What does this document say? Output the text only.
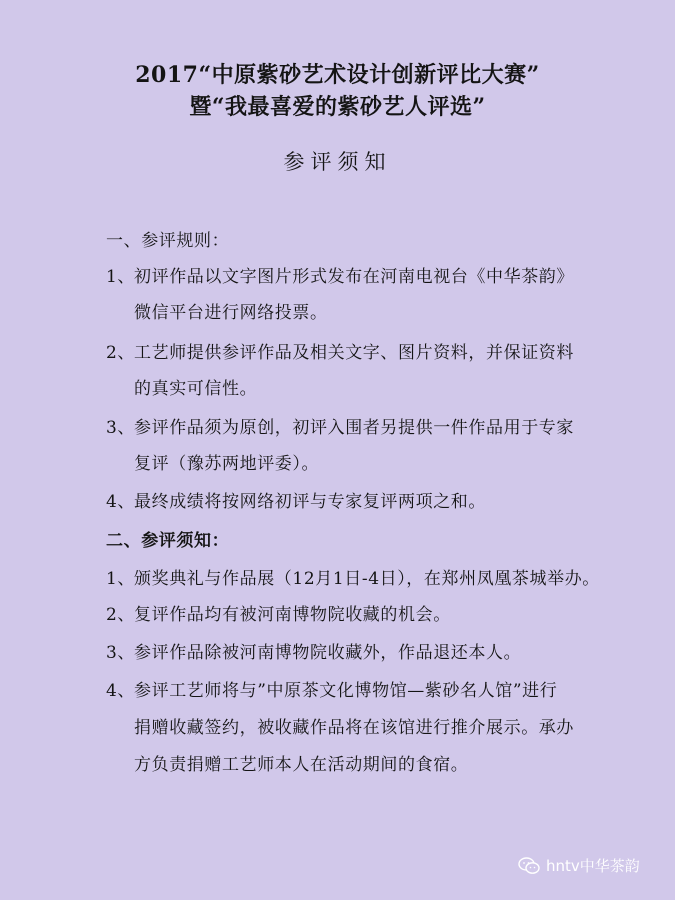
2017“中原紫砂艺术设计创新评比大赛”
暨“我最喜爱的紫砂艺人评选”
参评须知
一、参评规则：
1、初评作品以文字图片形式发布在河南电视台《中华茶韵》
微信平台进行网络投票。
2、工艺师提供参评作品及相关文字、图片资料，并保证资料
的真实可信性。
3、参评作品须为原创，初评入围者另提供一件作品用于专家
复评（豫苏两地评委）。
4、最终成绩将按网络初评与专家复评两项之和。
二、参评须知：
1、颁奖典礼与作品展（12月1日-4日），在郑州凤凰茶城举办。
2、复评作品均有被河南博物院收藏的机会。
3、参评作品除被河南博物院收藏外，作品退还本人。
4、参评工艺师将与”中原茶文化博物馆—紫砂名人馆”进行
捐赠收藏签约，被收藏作品将在该馆进行推介展示。承办
方负责捐赠工艺师本人在活动期间的食宿。
hntv中华茶韵
